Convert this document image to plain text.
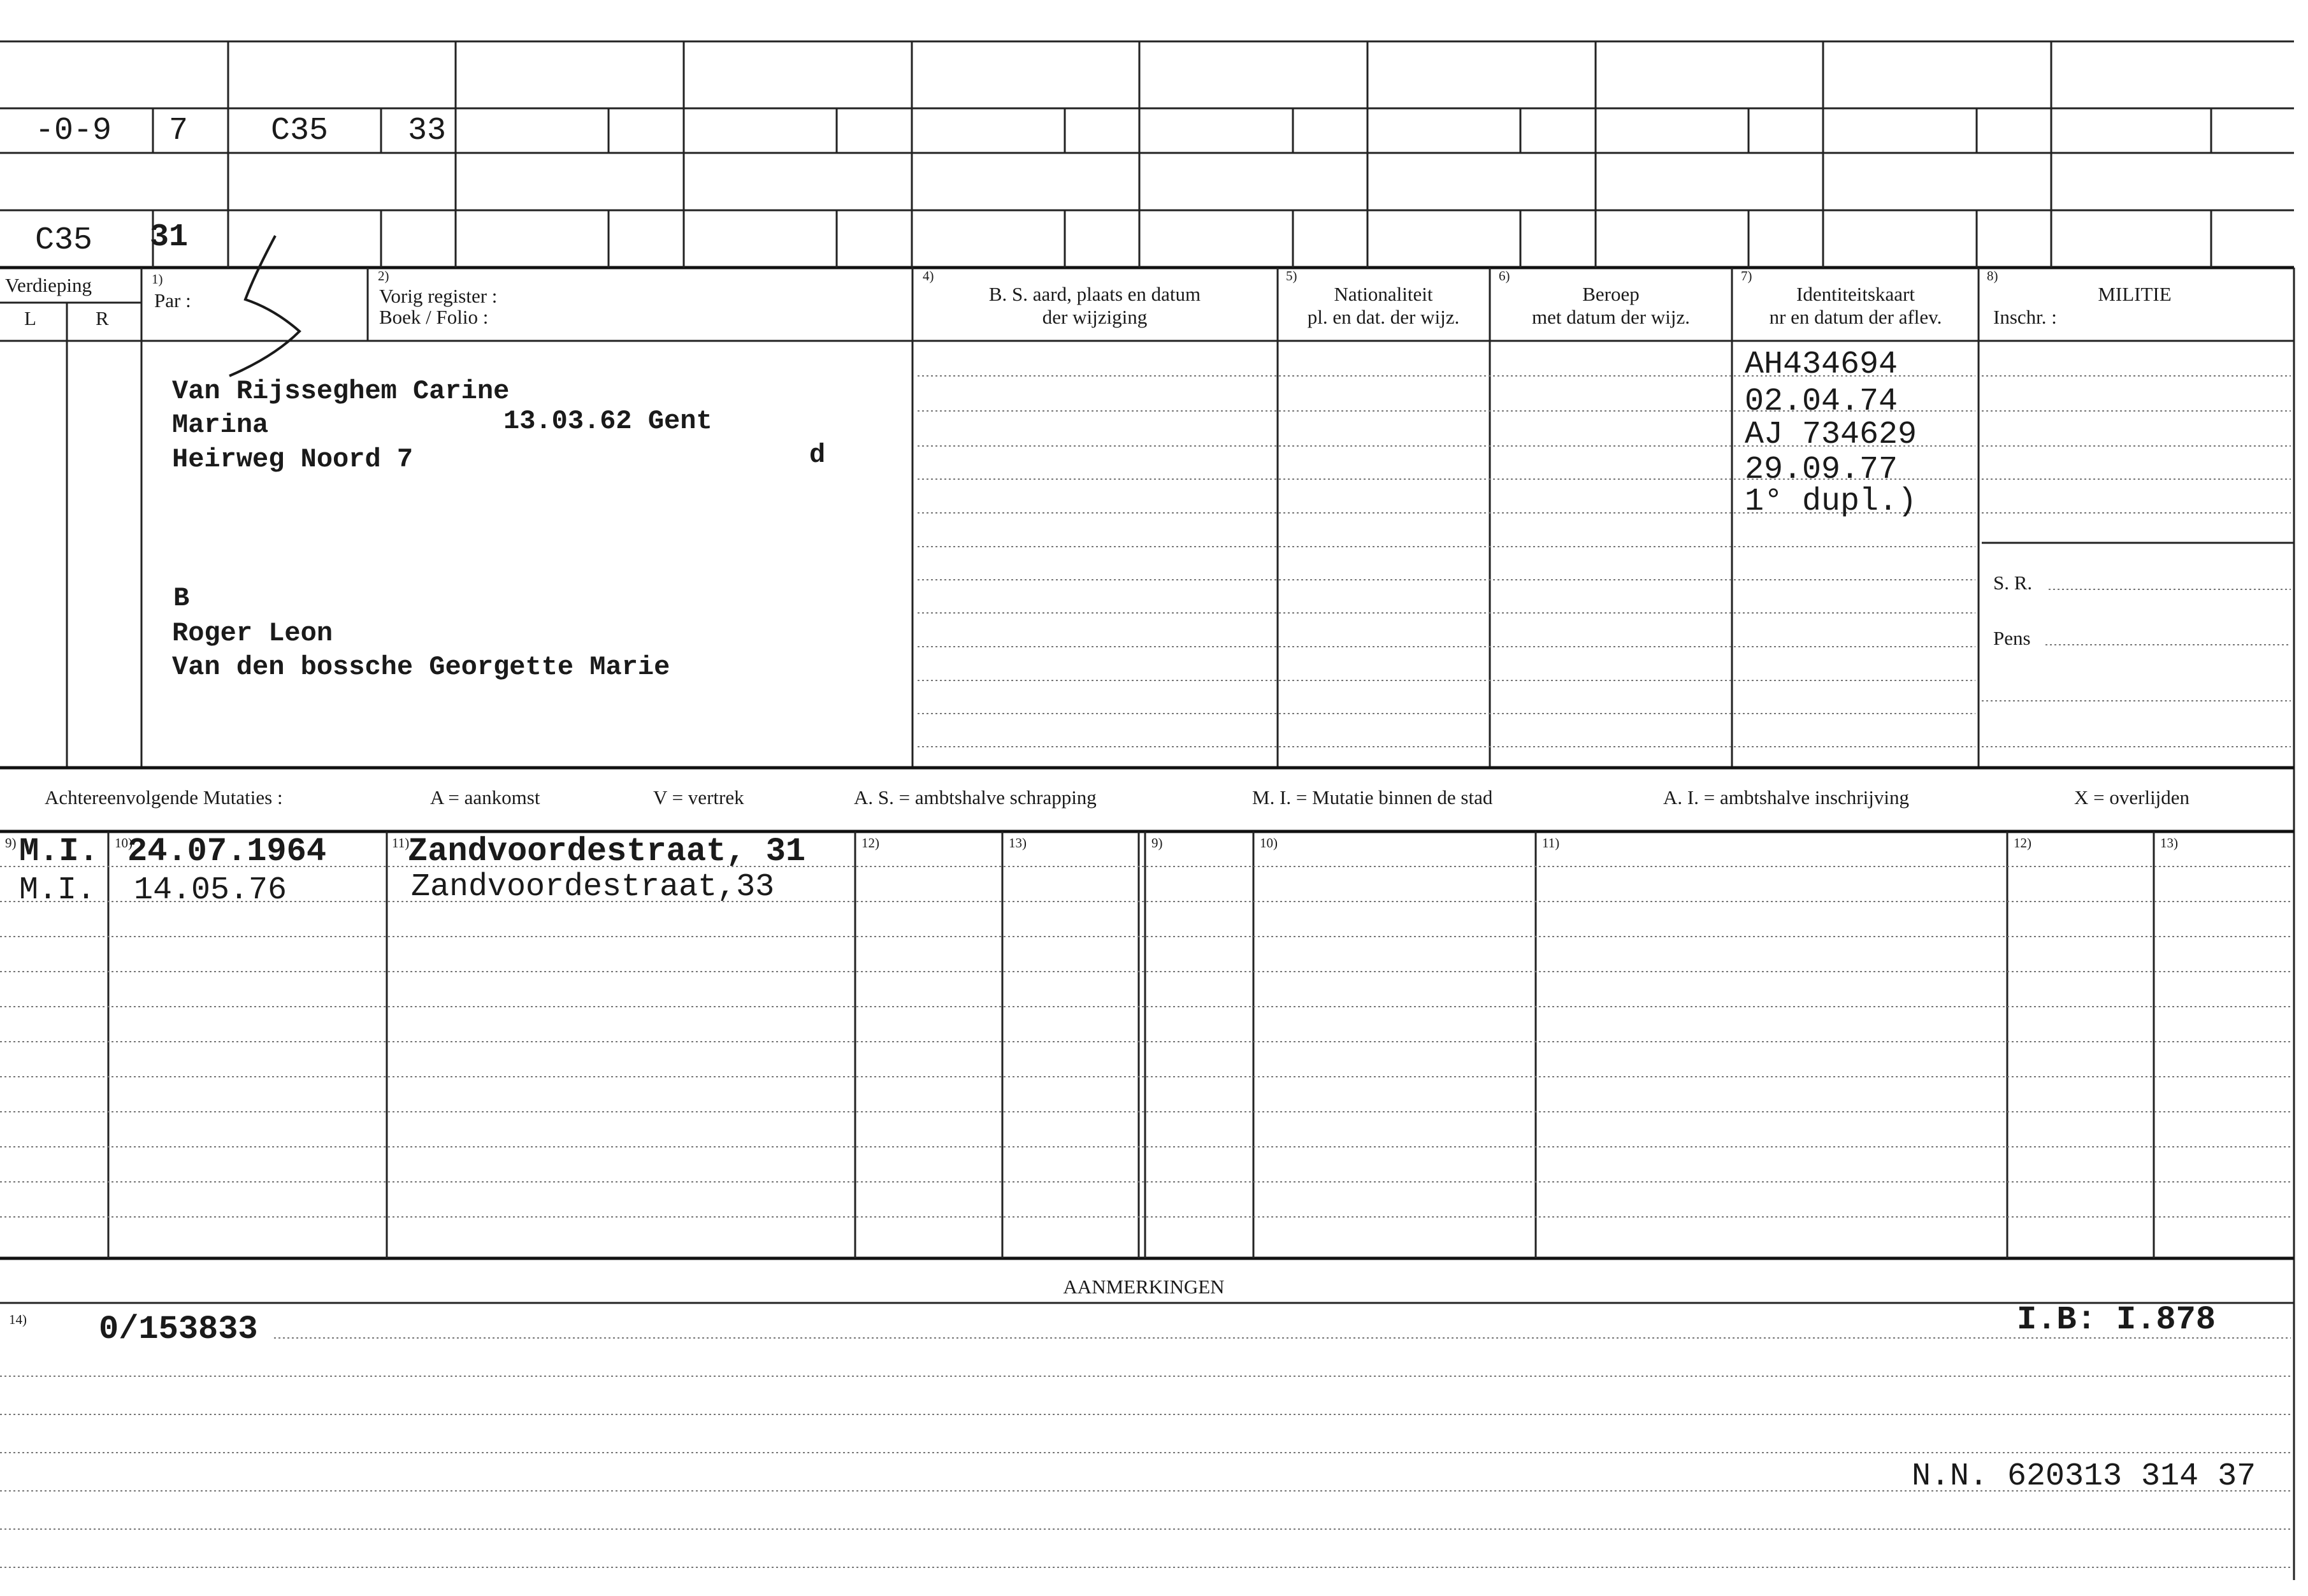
-0-9 7	C35 33
C35 31
Verdieping
L	R
1)
Par :
2)
Vorig register :
Boek / Folio :
4)
B. S. aard, plaats en datum
der wijziging
5)
Nationaliteit
pl. en dat. der wijz.
6)
Beroep
met datum der wijz.
7)
Identiteitskaart
nr en datum der aflev.
8)
MILITIE
Inschr. :
Van Rijsseghem Carine
Marina	13.03.62 Gent
Heirweg Noord 7	d
B
Roger Leon
Van den bossche Georgette Marie
AH434694
02.04.74
AJ 734629
29.09.77
1° dupl.)
S. R.
Pens
Achtereenvolgende Mutaties :	A = aankomst	V = vertrek	A. S. = ambtshalve schrapping	M. I. = Mutatie binnen de stad	A. I. = ambtshalve inschrijving	X = overlijden
9)	10)	11)	12)	13)	9)	10)	11)	12)	13)
M.I. 24.07.1964 Zandvoordestraat, 31
M.I. 14.05.76	Zandvoordestraat,33
AANMERKINGEN
14) 0/153833	I.B: I.878
N.N. 620313 314 37
